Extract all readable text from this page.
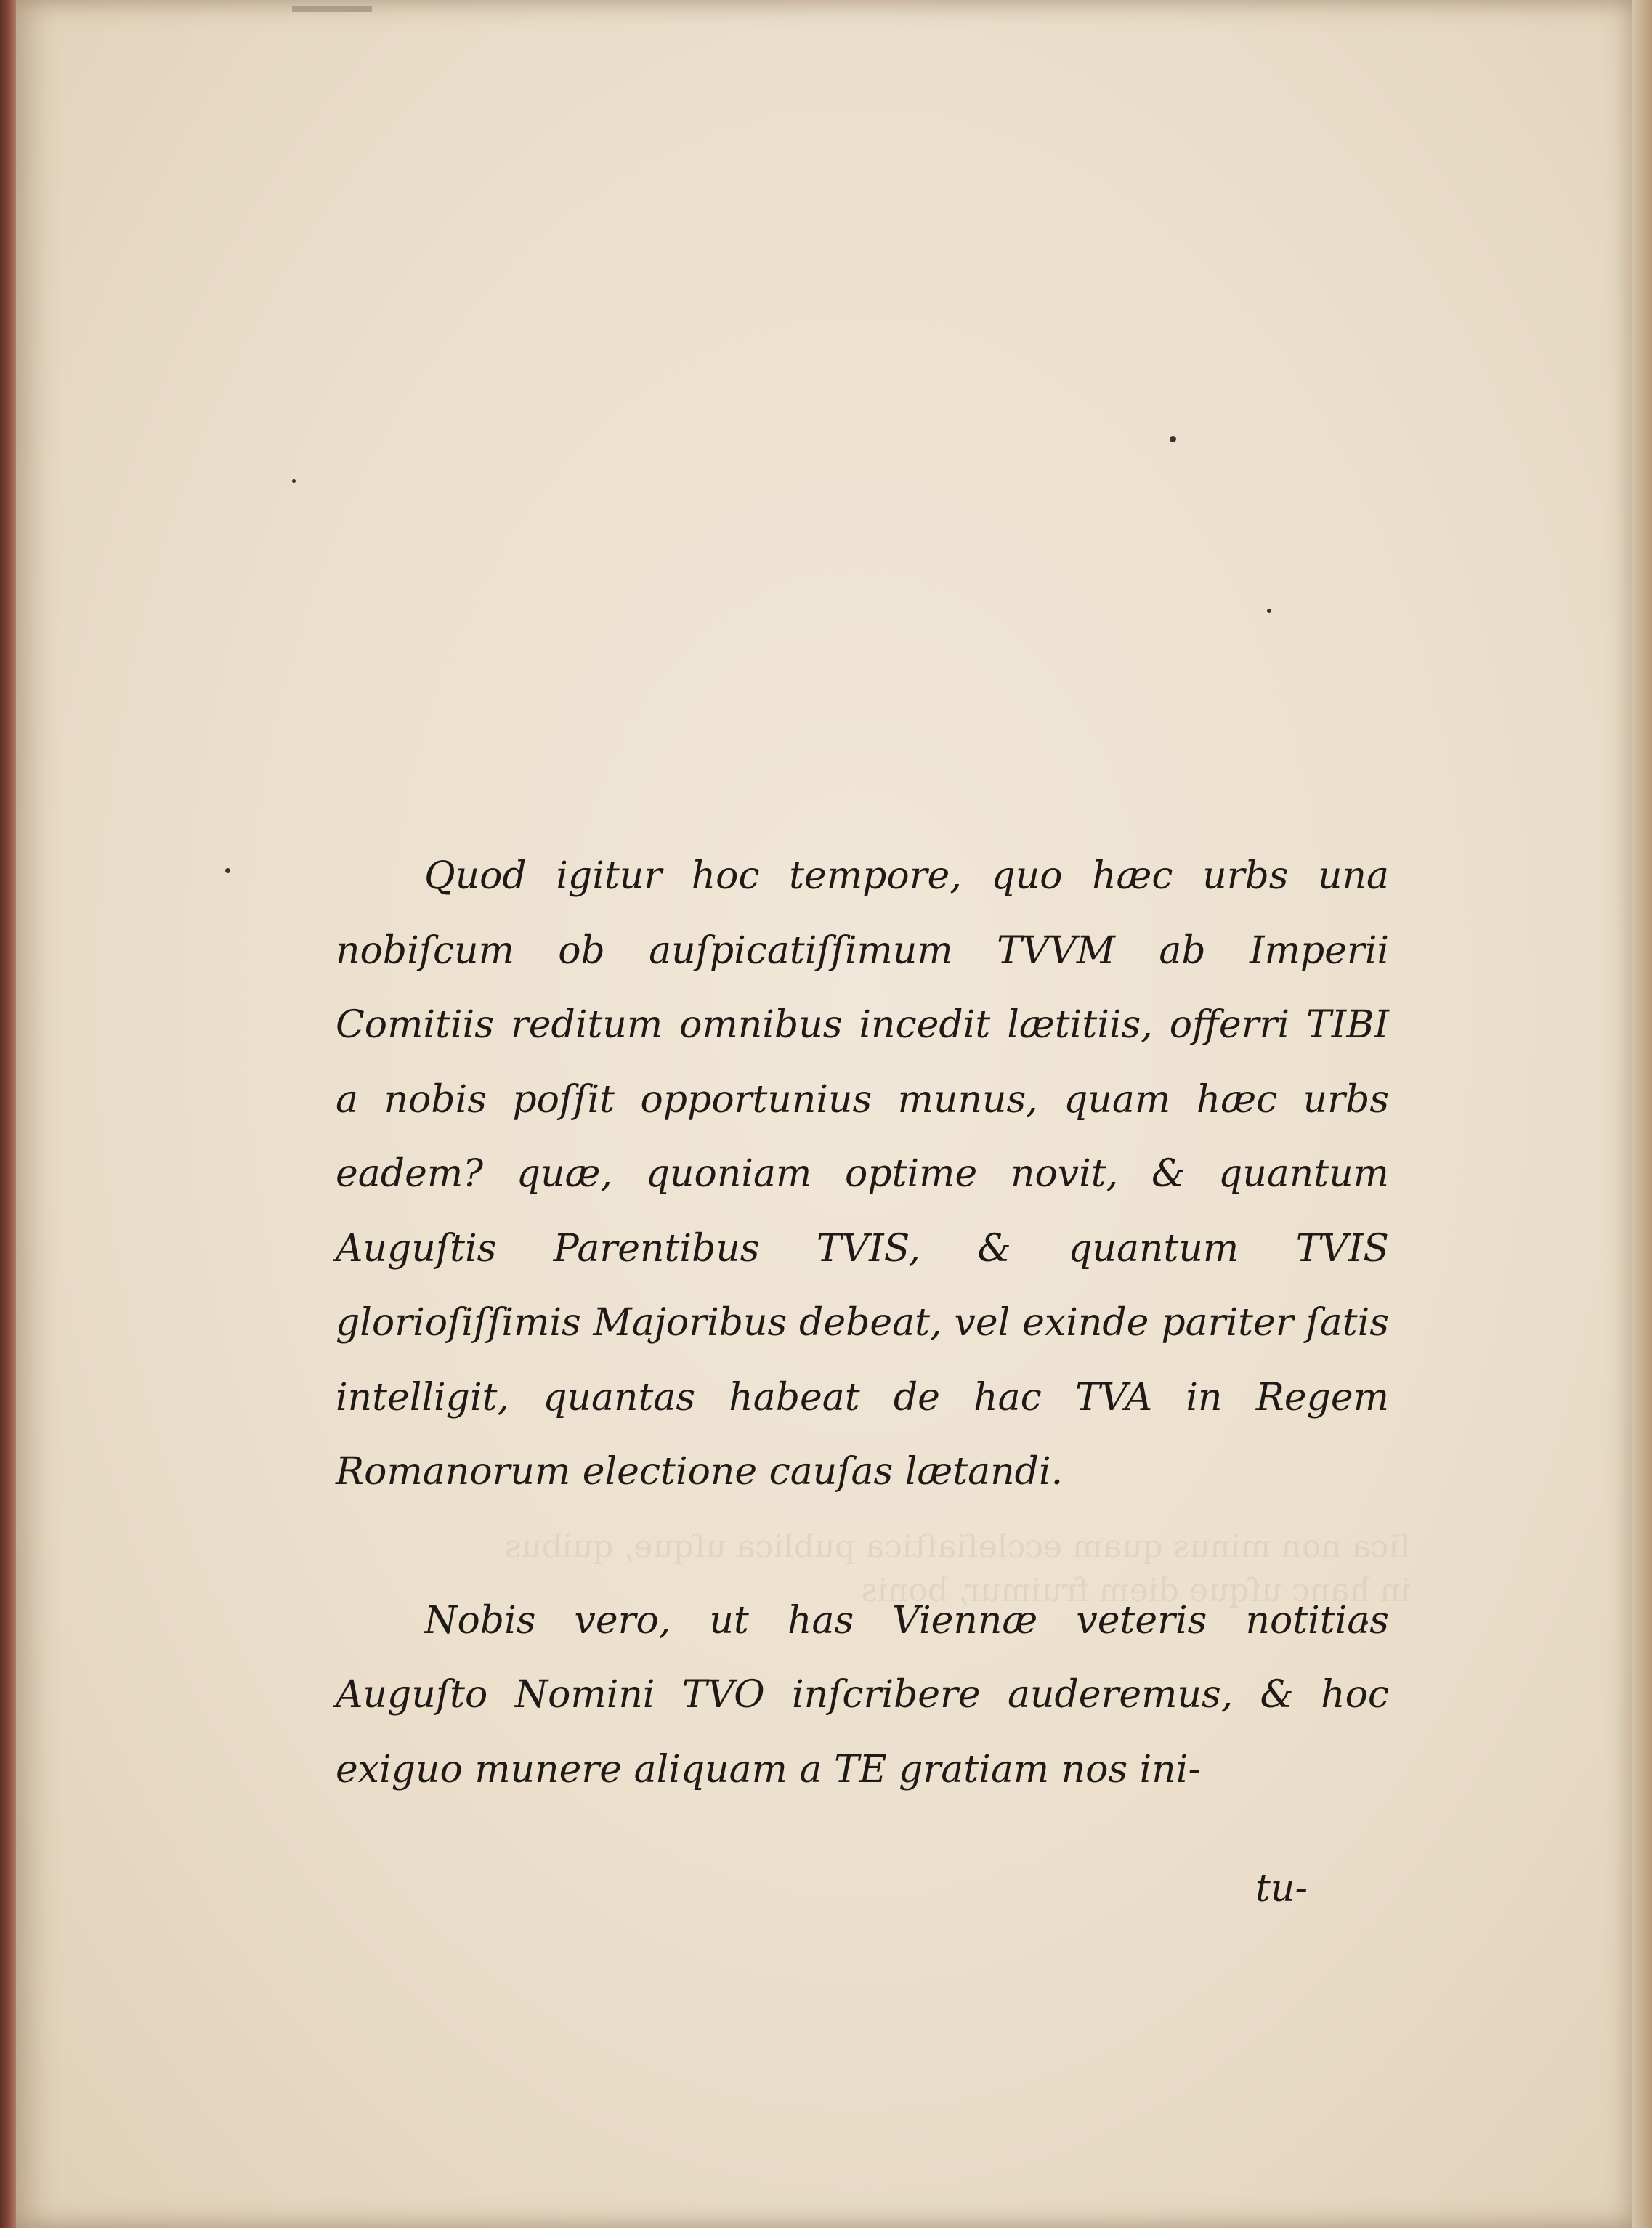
ſica non minus quam eccleſiaſtica publica uſque, quibus in hanc uſque diem fruimur, bonis

Quod igitur hoc tempore, quo hæc urbs una nobiſcum ob auſpicatiſſimum TVVM ab Imperii Comitiis reditum omnibus incedit lætitiis, offerri TIBI a nobis poſſit opportunius munus, quam hæc urbs eadem? quæ, quoniam optime novit, & quantum Auguſtis Parentibus TVIS, & quantum TVIS glorioſiſſimis Majoribus debeat, vel exinde pariter ſatis intelligit, quantas habeat de hac TVA in Regem Romanorum electione cauſas lætandi.

Nobis vero, ut has Viennæ veteris notitias Auguſto Nomini TVO inſcribere auderemus, & hoc exiguo munere aliquam a TE gratiam nos ini-

tu-
